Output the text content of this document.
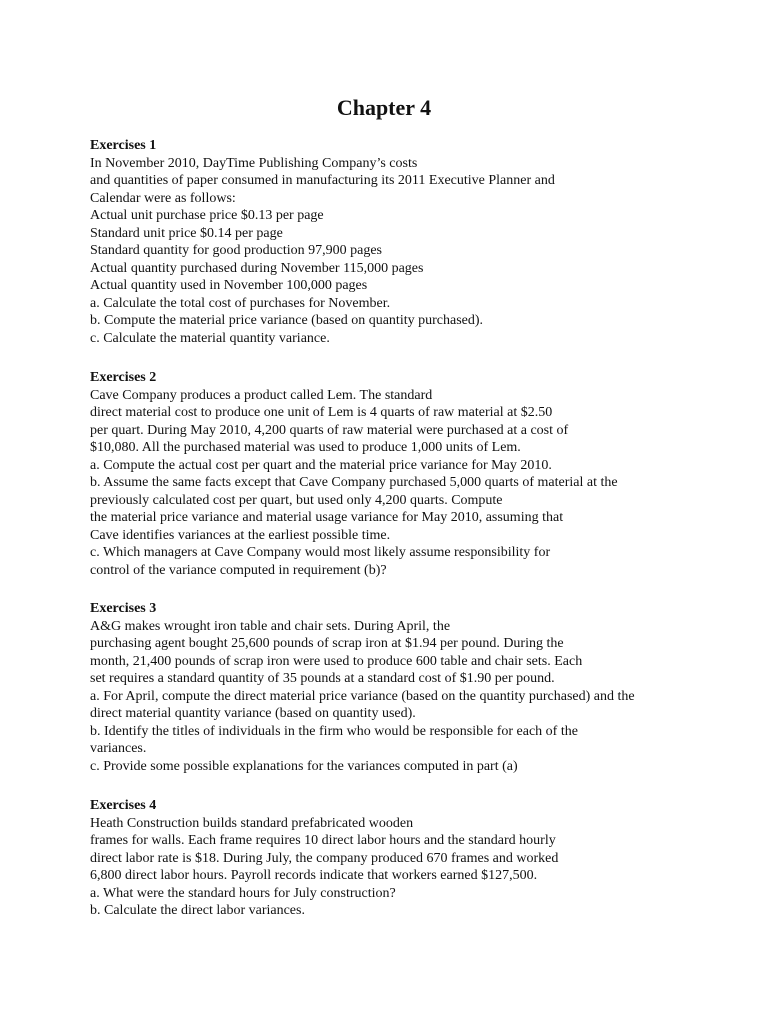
Chapter 4
Exercises 1
In November 2010, DayTime Publishing Company’s costs
and quantities of paper consumed in manufacturing its 2011 Executive Planner and
Calendar were as follows:
Actual unit purchase price $0.13 per page
Standard unit price $0.14 per page
Standard quantity for good production 97,900 pages
Actual quantity purchased during November 115,000 pages
Actual quantity used in November 100,000 pages
a. Calculate the total cost of purchases for November.
b. Compute the material price variance (based on quantity purchased).
c. Calculate the material quantity variance.
Exercises 2
Cave Company produces a product called Lem. The standard
direct material cost to produce one unit of Lem is 4 quarts of raw material at $2.50
per quart. During May 2010, 4,200 quarts of raw material were purchased at a cost of
$10,080. All the purchased material was used to produce 1,000 units of Lem.
a. Compute the actual cost per quart and the material price variance for May 2010.
b. Assume the same facts except that Cave Company purchased 5,000 quarts of material at the
previously calculated cost per quart, but used only 4,200 quarts. Compute
the material price variance and material usage variance for May 2010, assuming that
Cave identifies variances at the earliest possible time.
c. Which managers at Cave Company would most likely assume responsibility for
control of the variance computed in requirement (b)?
Exercises 3
A&G makes wrought iron table and chair sets. During April, the
purchasing agent bought 25,600 pounds of scrap iron at $1.94 per pound. During the
month, 21,400 pounds of scrap iron were used to produce 600 table and chair sets. Each
set requires a standard quantity of 35 pounds at a standard cost of $1.90 per pound.
a. For April, compute the direct material price variance (based on the quantity purchased) and the
direct material quantity variance (based on quantity used).
b. Identify the titles of individuals in the firm who would be responsible for each of the
variances.
c. Provide some possible explanations for the variances computed in part (a)
Exercises 4
Heath Construction builds standard prefabricated wooden
frames for walls. Each frame requires 10 direct labor hours and the standard hourly
direct labor rate is $18. During July, the company produced 670 frames and worked
6,800 direct labor hours. Payroll records indicate that workers earned $127,500.
a. What were the standard hours for July construction?
b. Calculate the direct labor variances.
